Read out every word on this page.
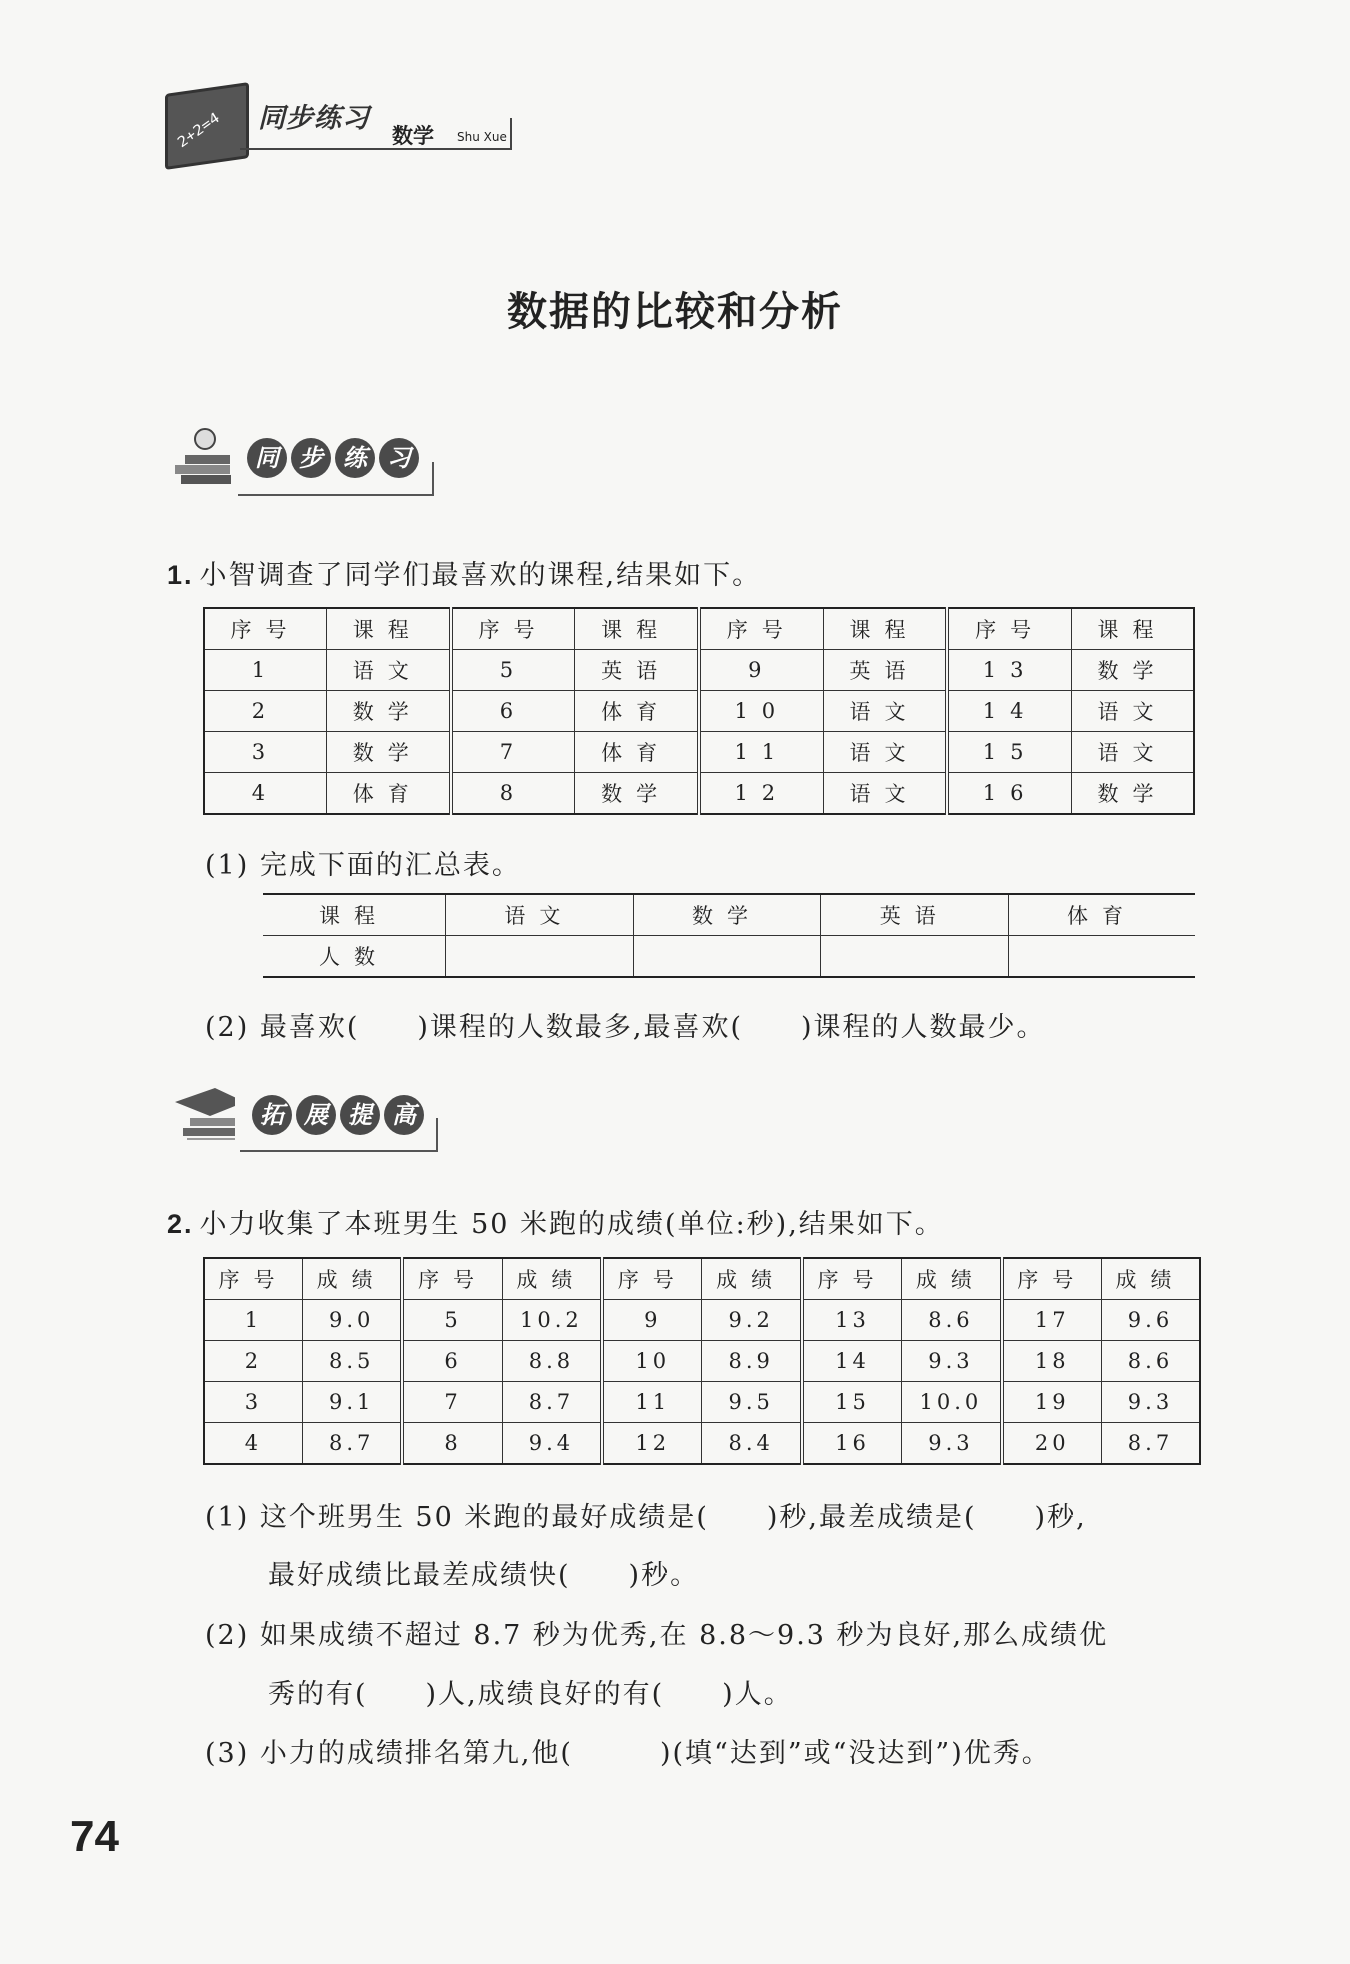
2+2=4	同步练习
数学 Shu Xue
数据的比较和分析
同 步 练 习
1. 小智调查了同学们最喜欢的课程,结果如下。
序号	课程	序号	课程	序号	课程	序号	课程
1	语文	5	英语	9	英语	13	数学
2	数学	6	体育	10	语文	14	语文
3	数学	7	体育	11	语文	15	语文
4	体育	8	数学	12	语文	16	数学
(1) 完成下面的汇总表。
课程	语文	数学	英语	体育
人数				
(2) 最喜欢(　　)课程的人数最多,最喜欢(　　)课程的人数最少。
拓 展 提 高
2. 小力收集了本班男生 50 米跑的成绩(单位:秒),结果如下。
序号	成绩	序号	成绩	序号	成绩	序号	成绩	序号	成绩
1	9.0	5	10.2	9	9.2	13	8.6	17	9.6
2	8.5	6	8.8	10	8.9	14	9.3	18	8.6
3	9.1	7	8.7	11	9.5	15	10.0	19	9.3
4	8.7	8	9.4	12	8.4	16	9.3	20	8.7
(1) 这个班男生 50 米跑的最好成绩是(　　)秒,最差成绩是(　　)秒,
最好成绩比最差成绩快(　　)秒。
(2) 如果成绩不超过 8.7 秒为优秀,在 8.8～9.3 秒为良好,那么成绩优
秀的有(　　)人,成绩良好的有(　　)人。
(3) 小力的成绩排名第九,他(　　　)(填“达到”或“没达到”)优秀。
74
